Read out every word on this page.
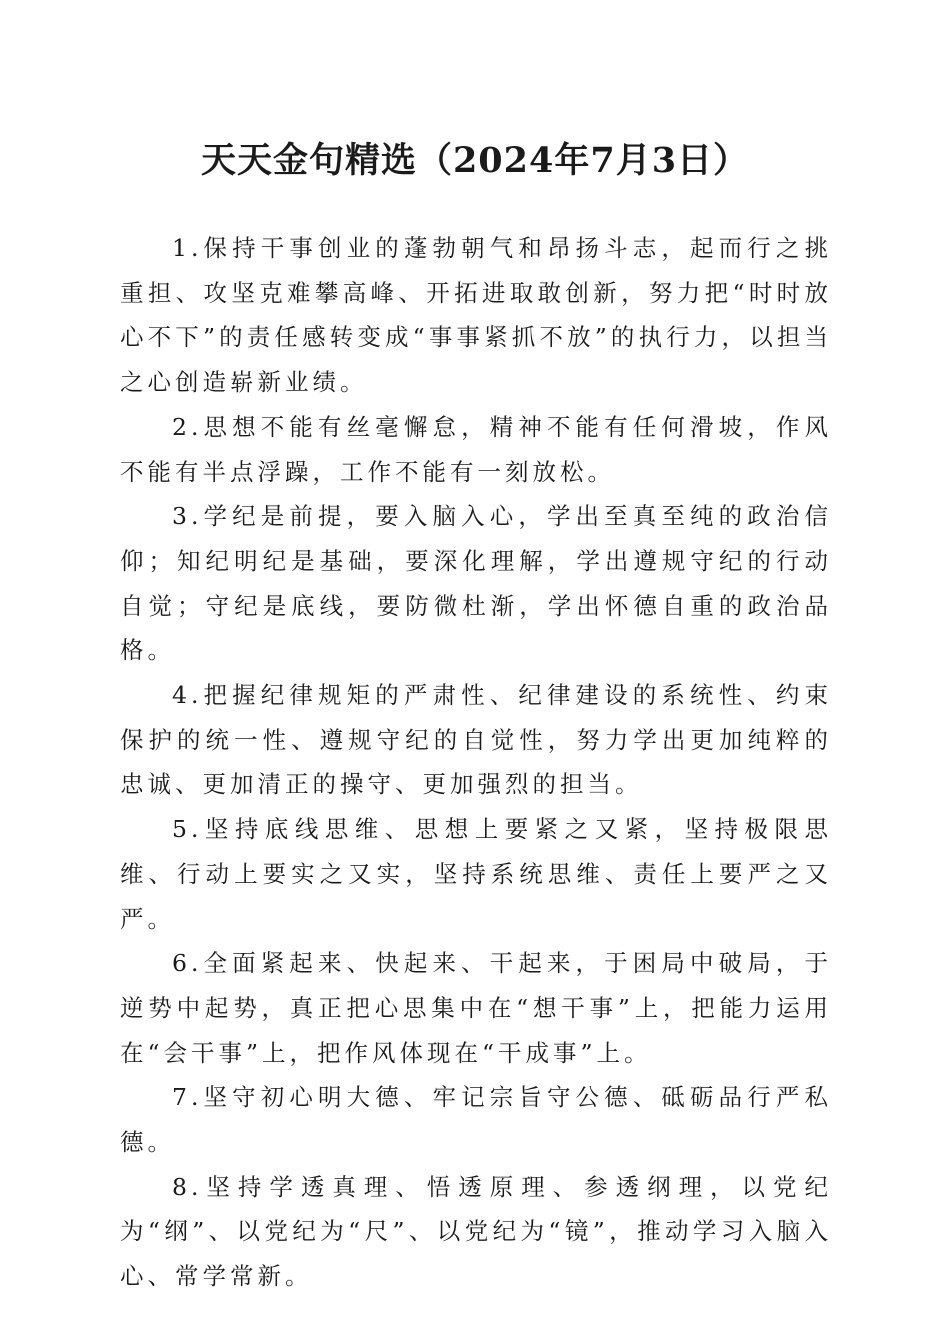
天天金句精选（2024年7月3日）

1.保持干事创业的蓬勃朝气和昂扬斗志，起而行之挑重担、攻坚克难攀高峰、开拓进取敢创新，努力把“时时放心不下”的责任感转变成“事事紧抓不放”的执行力，以担当之心创造崭新业绩。

2.思想不能有丝毫懈怠，精神不能有任何滑坡，作风不能有半点浮躁，工作不能有一刻放松。

3.学纪是前提，要入脑入心，学出至真至纯的政治信仰；知纪明纪是基础，要深化理解，学出遵规守纪的行动自觉；守纪是底线，要防微杜渐，学出怀德自重的政治品格。

4.把握纪律规矩的严肃性、纪律建设的系统性、约束保护的统一性、遵规守纪的自觉性，努力学出更加纯粹的忠诚、更加清正的操守、更加强烈的担当。

5.坚持底线思维、思想上要紧之又紧，坚持极限思维、行动上要实之又实，坚持系统思维、责任上要严之又严。

6.全面紧起来、快起来、干起来，于困局中破局，于逆势中起势，真正把心思集中在“想干事”上，把能力运用在“会干事”上，把作风体现在“干成事”上。

7.坚守初心明大德、牢记宗旨守公德、砥砺品行严私德。

8.坚持学透真理、悟透原理、参透纲理，以党纪为“纲”、以党纪为“尺”、以党纪为“镜”，推动学习入脑入心、常学常新。
